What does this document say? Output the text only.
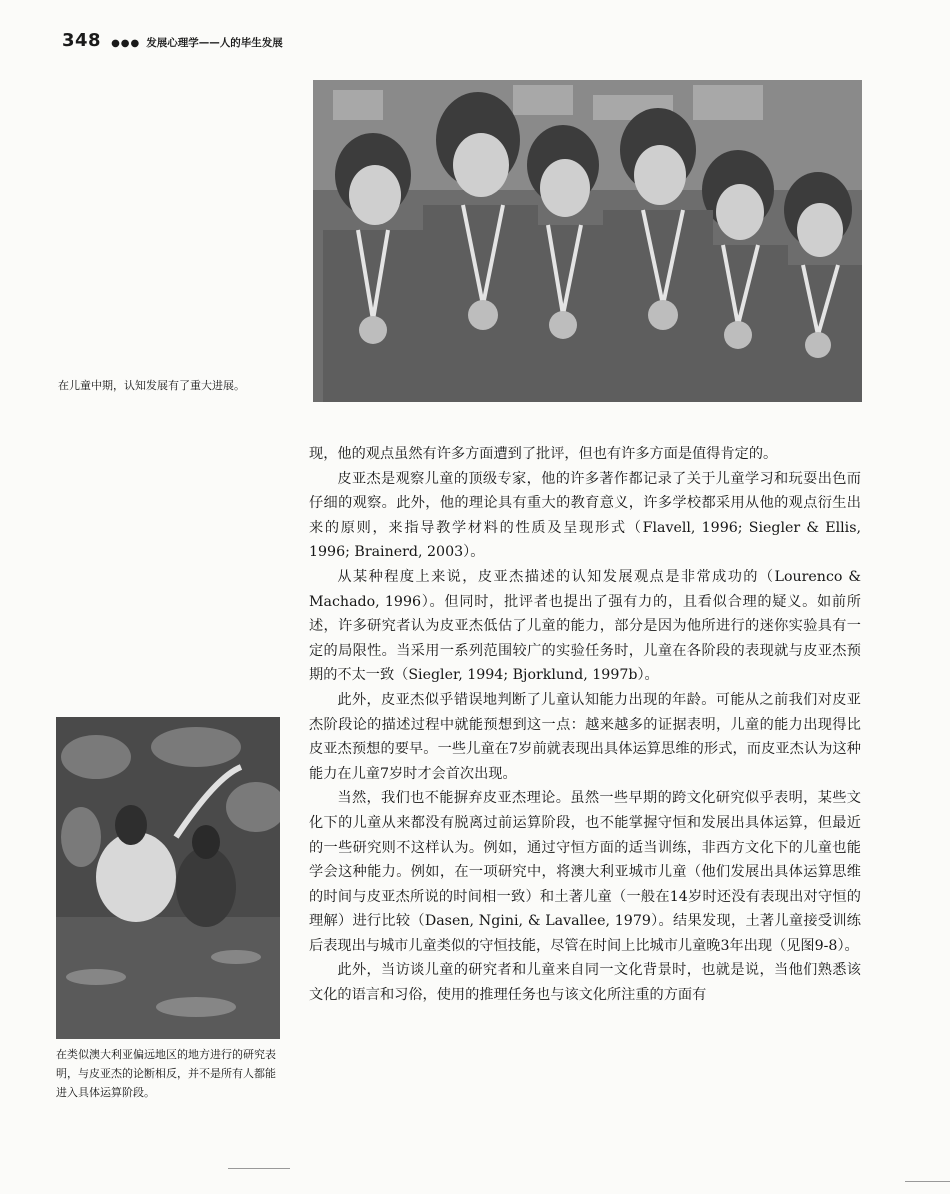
348 ●●● 发展心理学——人的毕生发展
在儿童中期，认知发展有了重大进展。
在类似澳大利亚偏远地区的地方进行的研究表明，与皮亚杰的论断相反，并不是所有人都能进入具体运算阶段。

现，他的观点虽然有许多方面遭到了批评，但也有许多方面是值得肯定的。

皮亚杰是观察儿童的顶级专家，他的许多著作都记录了关于儿童学习和玩耍出色而仔细的观察。此外，他的理论具有重大的教育意义，许多学校都采用从他的观点衍生出来的原则，来指导教学材料的性质及呈现形式（Flavell, 1996; Siegler & Ellis, 1996; Brainerd, 2003）。

从某种程度上来说，皮亚杰描述的认知发展观点是非常成功的（Lourenco & Machado, 1996）。但同时，批评者也提出了强有力的，且看似合理的疑义。如前所述，许多研究者认为皮亚杰低估了儿童的能力，部分是因为他所进行的迷你实验具有一定的局限性。当采用一系列范围较广的实验任务时，儿童在各阶段的表现就与皮亚杰预期的不太一致（Siegler, 1994; Bjorklund, 1997b）。

此外，皮亚杰似乎错误地判断了儿童认知能力出现的年龄。可能从之前我们对皮亚杰阶段论的描述过程中就能预想到这一点：越来越多的证据表明，儿童的能力出现得比皮亚杰预想的要早。一些儿童在7岁前就表现出具体运算思维的形式，而皮亚杰认为这种能力在儿童7岁时才会首次出现。

当然，我们也不能摒弃皮亚杰理论。虽然一些早期的跨文化研究似乎表明，某些文化下的儿童从来都没有脱离过前运算阶段，也不能掌握守恒和发展出具体运算，但最近的一些研究则不这样认为。例如，通过守恒方面的适当训练，非西方文化下的儿童也能学会这种能力。例如，在一项研究中，将澳大利亚城市儿童（他们发展出具体运算思维的时间与皮亚杰所说的时间相一致）和土著儿童（一般在14岁时还没有表现出对守恒的理解）进行比较（Dasen, Ngini, & Lavallee, 1979）。结果发现，土著儿童接受训练后表现出与城市儿童类似的守恒技能，尽管在时间上比城市儿童晚3年出现（见图9-8）。

此外，当访谈儿童的研究者和儿童来自同一文化背景时，也就是说，当他们熟悉该文化的语言和习俗，使用的推理任务也与该文化所注重的方面有
